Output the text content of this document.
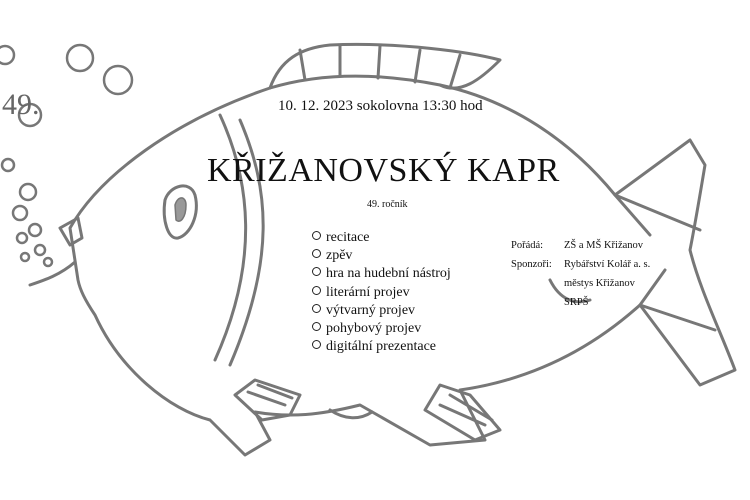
49.	10. 12. 2023 sokolovna 13:30 hod
KŘIŽANOVSKÝ KAPR
49. ročník
recitace
zpěv
hra na hudební nástroj
literární projev
výtvarný projev
pohybový projev
digitální prezentace
Pořádá: ZŠ a MŠ Křižanov
Sponzoři: Rybářství Kolář a. s.
městys Křižanov
SRPŠ
